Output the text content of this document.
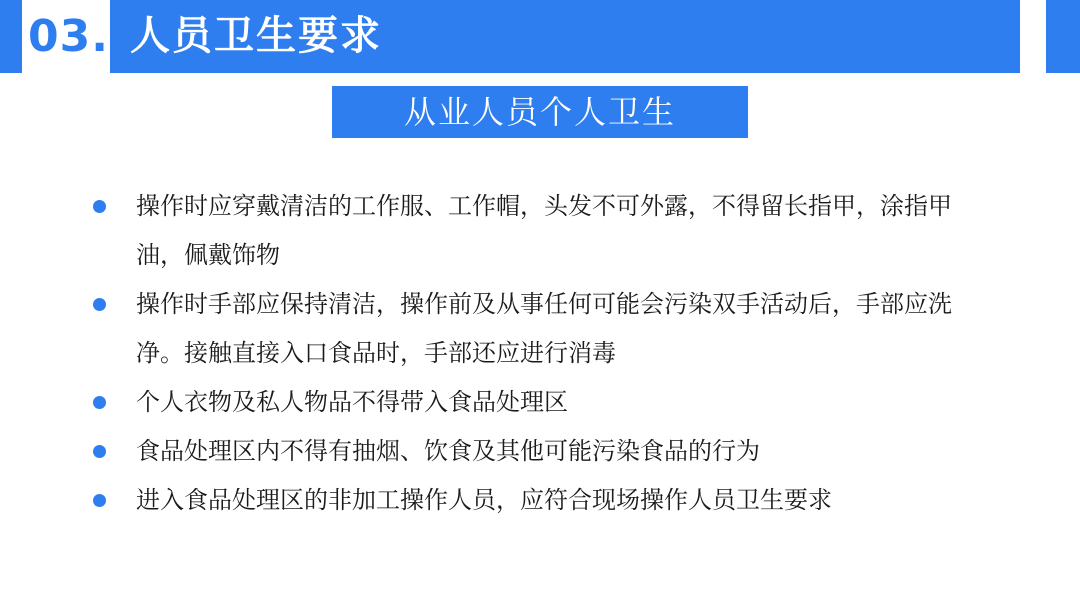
03. 人员卫生要求
从业人员个人卫生
操作时应穿戴清洁的工作服、工作帽，头发不可外露，不得留长指甲，涂指甲油，佩戴饰物
操作时手部应保持清洁，操作前及从事任何可能会污染双手活动后，手部应洗净。接触直接入口食品时，手部还应进行消毒
个人衣物及私人物品不得带入食品处理区
食品处理区内不得有抽烟、饮食及其他可能污染食品的行为
进入食品处理区的非加工操作人员，应符合现场操作人员卫生要求
